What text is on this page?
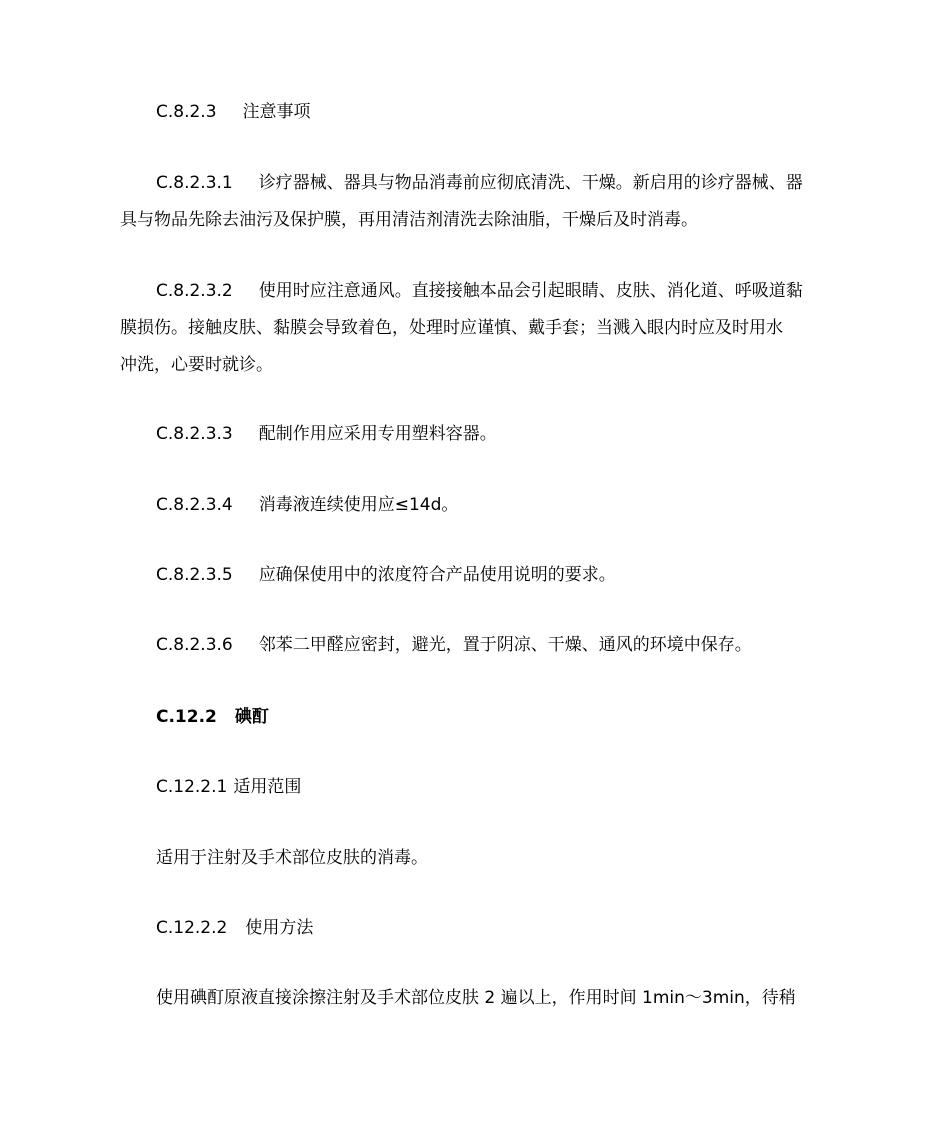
C.8.2.3 注意事项
C.8.2.3.1 诊疗器械、器具与物品消毒前应彻底清洗、干燥。新启用的诊疗器械、器
具与物品先除去油污及保护膜，再用清洁剂清洗去除油脂，干燥后及时消毒。
C.8.2.3.2 使用时应注意通风。直接接触本品会引起眼睛、皮肤、消化道、呼吸道黏
膜损伤。接触皮肤、黏膜会导致着色，处理时应谨慎、戴手套；当溅入眼内时应及时用水
冲洗，心要时就诊。
C.8.2.3.3 配制作用应采用专用塑料容器。
C.8.2.3.4 消毒液连续使用应≤14d。
C.8.2.3.5 应确保使用中的浓度符合产品使用说明的要求。
C.8.2.3.6 邻苯二甲醛应密封，避光，置于阴凉、干燥、通风的环境中保存。
C.12.2 碘酊
C.12.2.1 适用范围
适用于注射及手术部位皮肤的消毒。
C.12.2.2 使用方法
使用碘酊原液直接涂擦注射及手术部位皮肤 2 遍以上，作用时间 1min～3min，待稍
